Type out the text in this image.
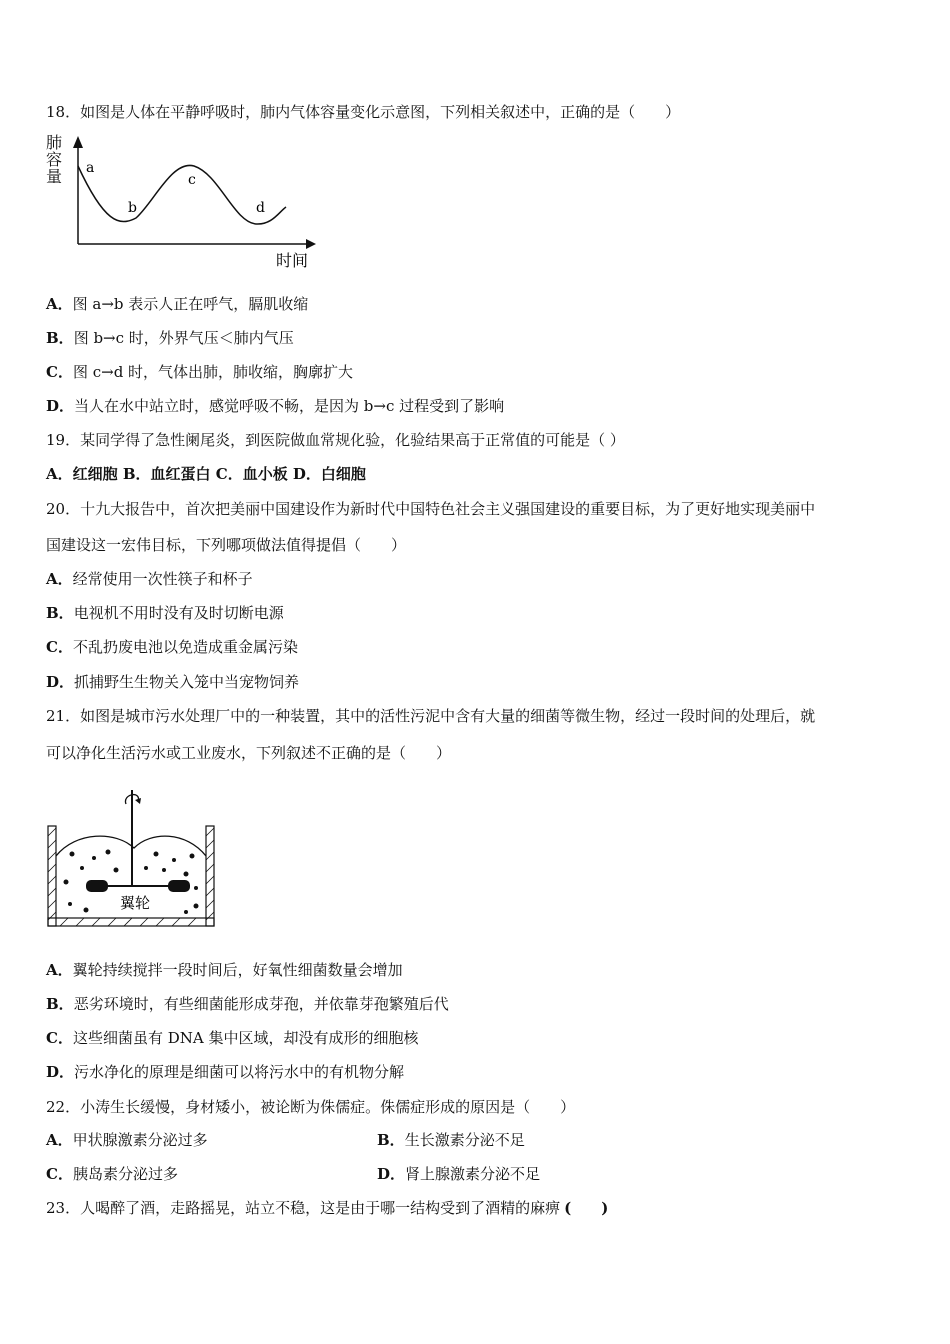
18．如图是人体在平静呼吸时，肺内气体容量变化示意图，下列相关叙述中，正确的是（　　）
a
b
c
d
时间
肺容量
A．图 a→b 表示人正在呼气，膈肌收缩
B．图 b→c 时，外界气压＜肺内气压
C．图 c→d 时，气体出肺，肺收缩，胸廓扩大
D．当人在水中站立时，感觉呼吸不畅，是因为 b→c 过程受到了影响
19．某同学得了急性阑尾炎，到医院做血常规化验，化验结果高于正常值的可能是（ ）
A．红细胞 B．血红蛋白 C．血小板 D．白细胞
20．十九大报告中，首次把美丽中国建设作为新时代中国特色社会主义强国建设的重要目标，为了更好地实现美丽中
国建设这一宏伟目标，下列哪项做法值得提倡（　　）
A．经常使用一次性筷子和杯子
B．电视机不用时没有及时切断电源
C．不乱扔废电池以免造成重金属污染
D．抓捕野生生物关入笼中当宠物饲养
21．如图是城市污水处理厂中的一种装置，其中的活性污泥中含有大量的细菌等微生物，经过一段时间的处理后，就
可以净化生活污水或工业废水，下列叙述不正确的是（　　）
翼轮
A．翼轮持续搅拌一段时间后，好氧性细菌数量会增加
B．恶劣环境时，有些细菌能形成芽孢，并依靠芽孢繁殖后代
C．这些细菌虽有 DNA 集中区域，却没有成形的细胞核
D．污水净化的原理是细菌可以将污水中的有机物分解
22．小涛生长缓慢，身材矮小，被论断为侏儒症。侏儒症形成的原因是（　　）
A．甲状腺激素分泌过多	B．生长激素分泌不足
C．胰岛素分泌过多	D．肾上腺激素分泌不足
23．人喝醉了酒，走路摇晃，站立不稳，这是由于哪一结构受到了酒精的麻痹 (　　)
